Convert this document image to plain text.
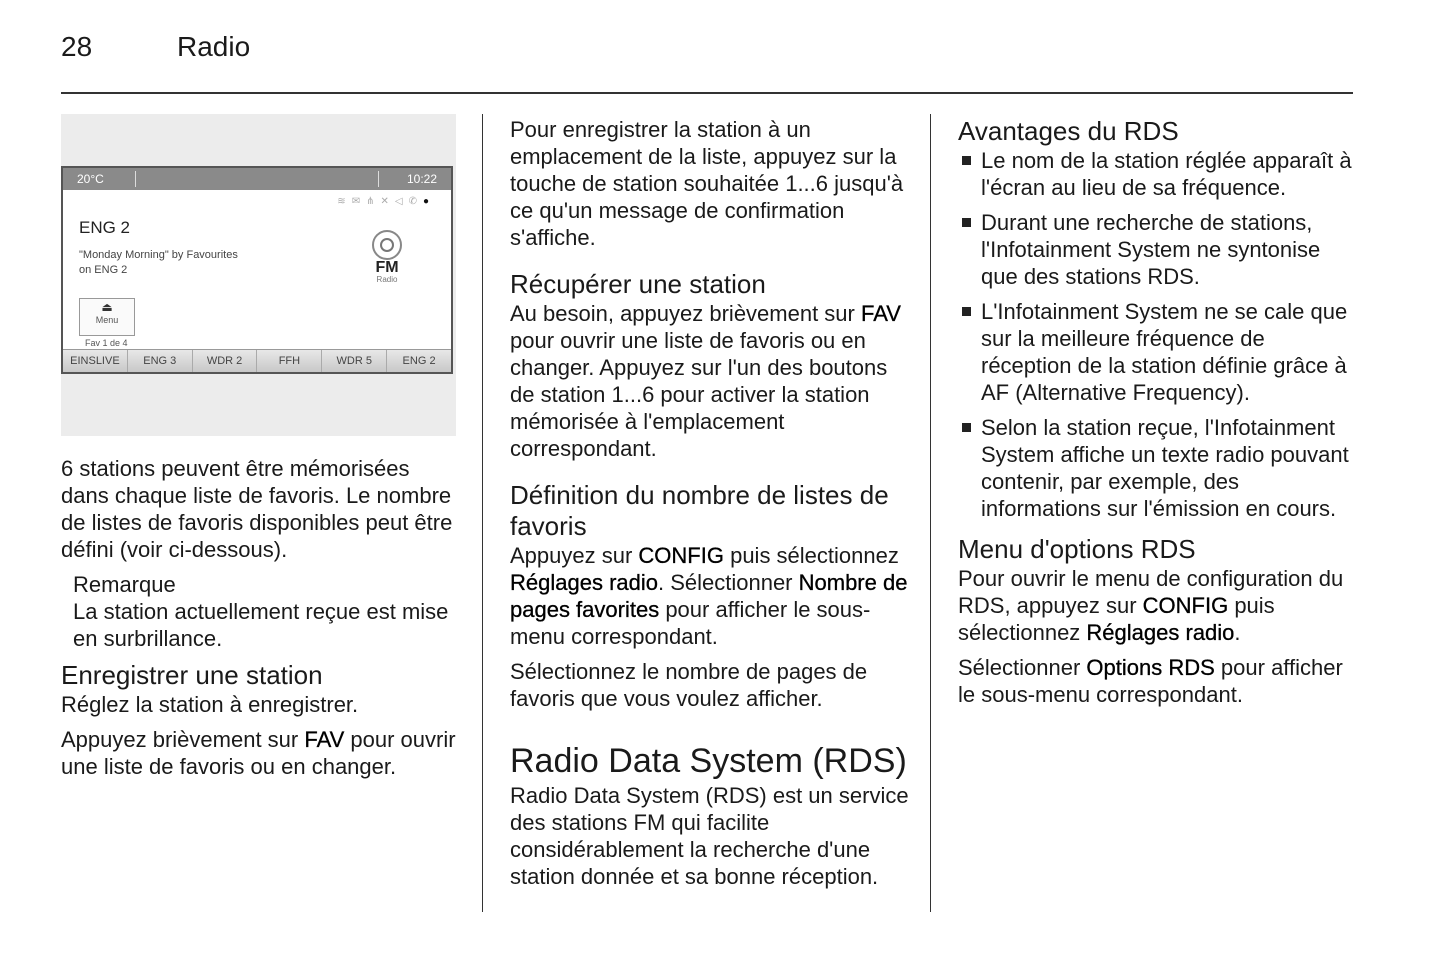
28	Radio
20°C	10:22
≋✉⋔✕◁✆●
ENG 2
"Monday Morning" by Favourites on ENG 2	FM
Radio
⏏
Menu
Fav 1 de 4
EINSLIVE	ENG 3	WDR 2	FFH	WDR 5	ENG 2

6 stations peuvent être mémorisées dans chaque liste de favoris. Le nombre de listes de favoris disponibles peut être défini (voir ci-dessous).

Remarque

La station actuellement reçue est mise en surbrillance.

Enregistrer une station

Réglez la station à enregistrer.

Appuyez brièvement sur FAV pour ouvrir une liste de favoris ou en changer.

Pour enregistrer la station à un emplacement de la liste, appuyez sur la touche de station souhaitée 1...6 jusqu'à ce qu'un message de confirmation s'affiche.

Récupérer une station

Au besoin, appuyez brièvement sur FAV pour ouvrir une liste de favoris ou en changer. Appuyez sur l'un des boutons de station 1...6 pour activer la station mémorisée à l'emplacement correspondant.

Définition du nombre de listes de favoris

Appuyez sur CONFIG puis sélectionnez Réglages radio. Sélectionner Nombre de pages favorites pour afficher le sous-menu correspondant.

Sélectionnez le nombre de pages de favoris que vous voulez afficher.

Radio Data System (RDS)

Radio Data System (RDS) est un service des stations FM qui facilite considérablement la recherche d'une station donnée et sa bonne réception.

Avantages du RDS
Le nom de la station réglée apparaît à l'écran au lieu de sa fréquence.
Durant une recherche de stations, l'Infotainment System ne syntonise que des stations RDS.
L'Infotainment System ne se cale que sur la meilleure fréquence de réception de la station définie grâce à AF (Alternative Frequency).
Selon la station reçue, l'Infotainment System affiche un texte radio pouvant contenir, par exemple, des informations sur l'émission en cours.
Menu d'options RDS

Pour ouvrir le menu de configuration du RDS, appuyez sur CONFIG puis sélectionnez Réglages radio.

Sélectionner Options RDS pour afficher le sous-menu correspondant.
